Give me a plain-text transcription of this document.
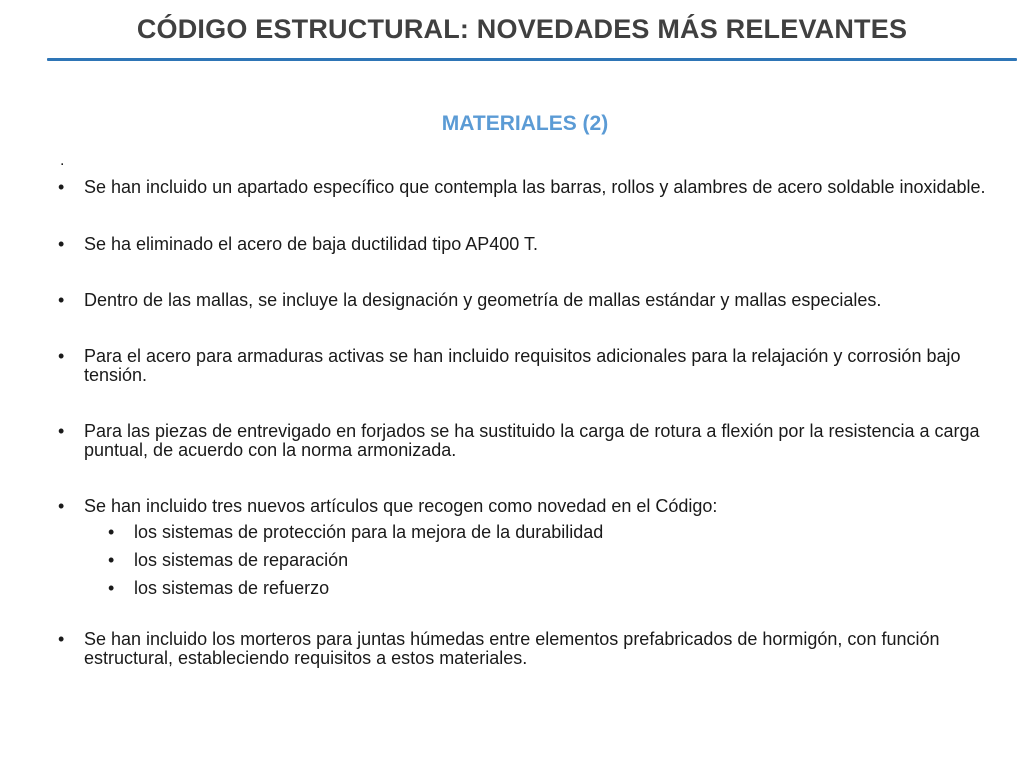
CÓDIGO ESTRUCTURAL: NOVEDADES MÁS RELEVANTES
MATERIALES (2)
.
• Se han incluido un apartado específico que contempla las barras, rollos y alambres de acero soldable inoxidable.
• Se ha eliminado el acero de baja ductilidad tipo AP400 T.
• Dentro de las mallas, se incluye la designación y geometría de mallas estándar y mallas especiales.
• Para el acero para armaduras activas se han incluido requisitos adicionales para la relajación y corrosión bajo tensión.
• Para las piezas de entrevigado en forjados se ha sustituido la carga de rotura a flexión por la resistencia a carga puntual, de acuerdo con la norma armonizada.
• Se han incluido tres nuevos artículos que recogen como novedad en el Código:
• los sistemas de protección para la mejora de la durabilidad
• los sistemas de reparación
• los sistemas de refuerzo
• Se han incluido los morteros para juntas húmedas entre elementos prefabricados de hormigón, con función estructural, estableciendo requisitos a estos materiales.
